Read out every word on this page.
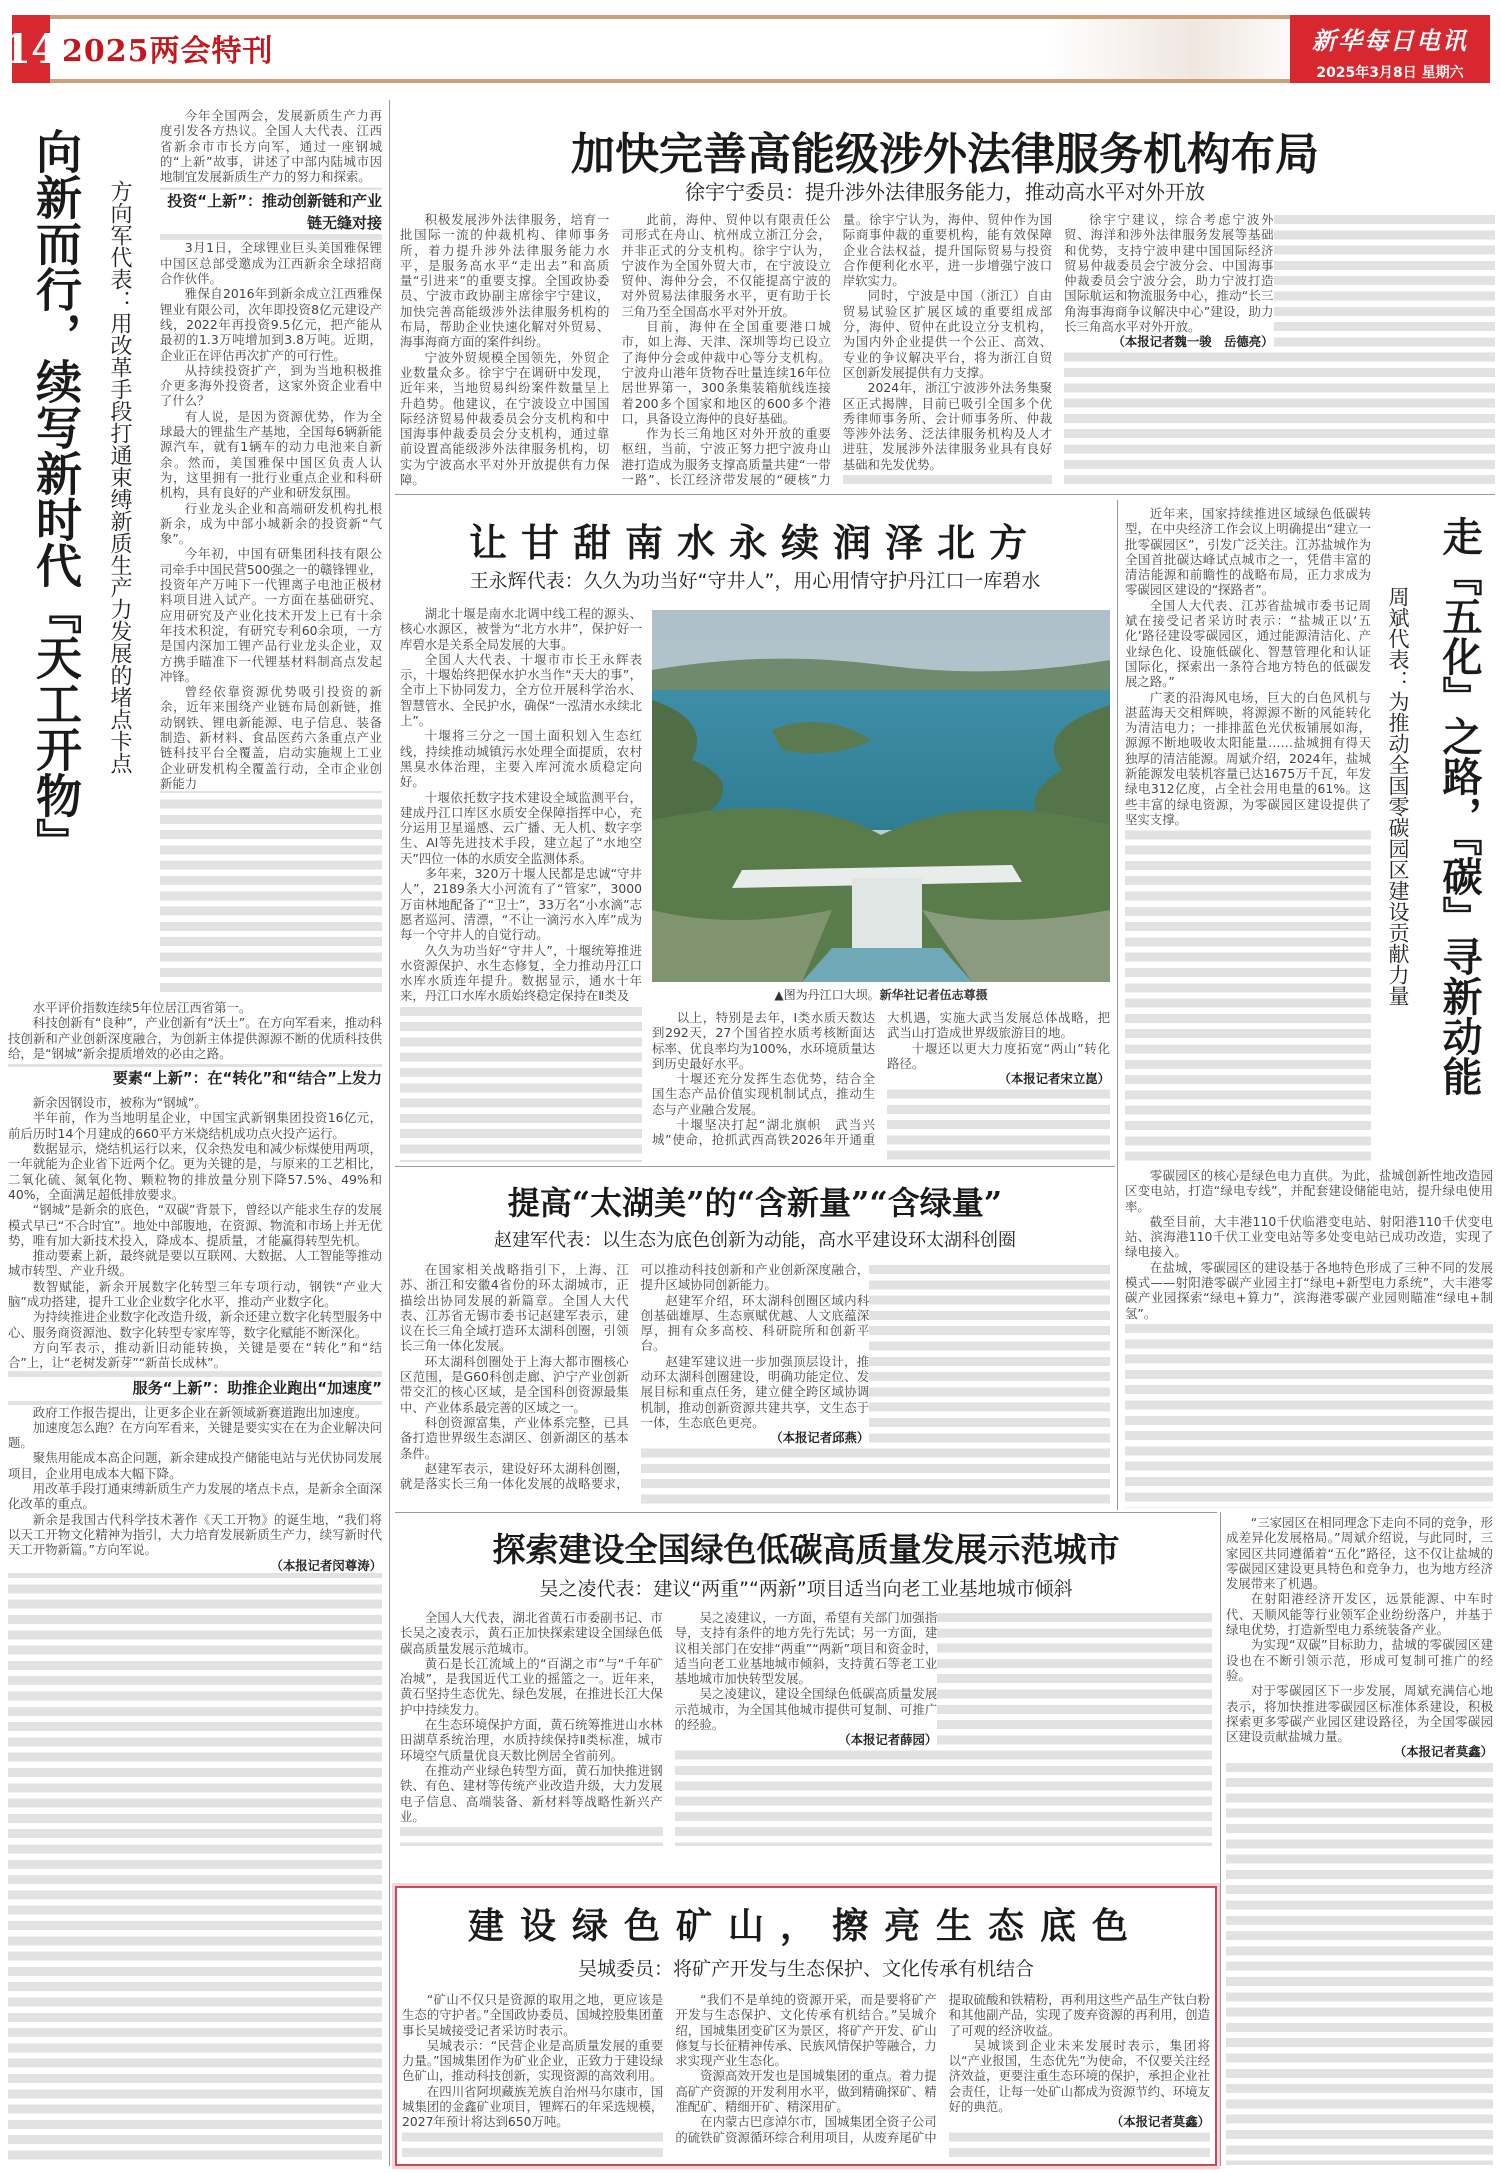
14 2025两会特刊	新华每日电讯
2025年3月8日 星期六
向新而行，续写新时代『天工开物』 方向军代表：用改革手段打通束缚新质生产力发展的堵点卡点

今年全国两会，发展新质生产力再度引发各方热议。全国人大代表、江西省新余市市长方向军，通过一座钢城的“上新”故事，讲述了中部内陆城市因地制宜发展新质生产力的努力和探索。

投资“上新”：推动创新链和产业链无缝对接

3月1日，全球锂业巨头美国雅保锂中国区总部受邀成为江西新余全球招商合作伙伴。

雅保自2016年到新余成立江西雅保锂业有限公司，次年即投资8亿元建设产线，2022年再投资9.5亿元，把产能从最初的1.3万吨增加到3.8万吨。近期，企业正在评估再次扩产的可行性。

从持续投资扩产，到为当地积极推介更多海外投资者，这家外资企业看中了什么？

有人说，是因为资源优势，作为全球最大的锂盐生产基地，全国每6辆新能源汽车，就有1辆车的动力电池来自新余。然而，美国雅保中国区负责人认为，这里拥有一批行业重点企业和科研机构，具有良好的产业和研发氛围。

行业龙头企业和高端研发机构扎根新余，成为中部小城新余的投资新“气象”。

今年初，中国有研集团科技有限公司牵手中国民营500强之一的赣锋锂业，投资年产万吨下一代锂离子电池正极材料项目进入试产。一方面在基础研究、应用研究及产业化技术开发上已有十余年技术积淀，有研究专利60余项，一方是国内深加工锂产品行业龙头企业，双方携手瞄准下一代锂基材料制高点发起冲锋。

曾经依靠资源优势吸引投资的新余，近年来围绕产业链布局创新链，推动钢铁、锂电新能源、电子信息、装备制造、新材料、食品医药六条重点产业链科技平台全覆盖，启动实施规上工业企业研发机构全覆盖行动，全市企业创新能力

水平评价指数连续5年位居江西省第一。

科技创新有“良种”，产业创新有“沃土”。在方向军看来，推动科技创新和产业创新深度融合，为创新主体提供源源不断的优质科技供给，是“钢城”新余提质增效的必由之路。

要素“上新”：在“转化”和“结合”上发力

新余因钢设市，被称为“钢城”。

半年前，作为当地明星企业，中国宝武新钢集团投资16亿元，前后历时14个月建成的660平方米烧结机成功点火投产运行。

数据显示，烧结机运行以来，仅余热发电和减少标煤使用两项，一年就能为企业省下近两个亿。更为关键的是，与原来的工艺相比，二氧化硫、氮氧化物、颗粒物的排放量分别下降57.5%、49%和40%，全面满足超低排放要求。

“钢城”是新余的底色，“双碳”背景下，曾经以产能求生存的发展模式早已“不合时宜”。地处中部腹地，在资源、物流和市场上并无优势，唯有加大新技术投入，降成本、提质量，才能赢得转型先机。

推动要素上新，最终就是要以互联网、大数据、人工智能等推动城市转型、产业升级。

数智赋能，新余开展数字化转型三年专项行动，钢铁“产业大脑”成功搭建，提升工业企业数字化水平，推动产业数字化。

为持续推进企业数字化改造升级，新余还建立数字化转型服务中心、服务商资源池、数字化转型专家库等，数字化赋能不断深化。

方向军表示，推动新旧动能转换，关键是要在“转化”和“结合”上，让“老树发新芽”“新苗长成林”。

服务“上新”：助推企业跑出“加速度”

政府工作报告提出，让更多企业在新领域新赛道跑出加速度。

加速度怎么跑？在方向军看来，关键是要实实在在为企业解决问题。

聚焦用能成本高企问题，新余建成投产储能电站与光伏协同发展项目，企业用电成本大幅下降。

用改革手段打通束缚新质生产力发展的堵点卡点，是新余全面深化改革的重点。

新余是我国古代科学技术著作《天工开物》的诞生地，“我们将以天工开物文化精神为指引，大力培育发展新质生产力，续写新时代天工开物新篇。”方向军说。

（本报记者闵尊涛）

加快完善高能级涉外法律服务机构布局
徐宇宁委员：提升涉外法律服务能力，推动高水平对外开放

积极发展涉外法律服务，培育一批国际一流的仲裁机构、律师事务所，着力提升涉外法律服务能力水平，是服务高水平“走出去”和高质量“引进来”的重要支撑。全国政协委员、宁波市政协副主席徐宇宁建议，加快完善高能级涉外法律服务机构的布局，帮助企业快速化解对外贸易、海事海商方面的案件纠纷。

宁波外贸规模全国领先，外贸企业数量众多。徐宇宁在调研中发现，近年来，当地贸易纠纷案件数量呈上升趋势。他建议，在宁波设立中国国际经济贸易仲裁委员会分支机构和中国海事仲裁委员会分支机构，通过靠前设置高能级涉外法律服务机构，切实为宁波高水平对外开放提供有力保障。

此前，海仲、贸仲以有限责任公司形式在舟山、杭州成立浙江分会，并非正式的分支机构。徐宇宁认为，宁波作为全国外贸大市，在宁波设立贸仲、海仲分会，不仅能提高宁波的对外贸易法律服务水平，更有助于长三角乃至全国高水平对外开放。

目前，海仲在全国重要港口城市，如上海、天津、深圳等均已设立了海仲分会或仲裁中心等分支机构。宁波舟山港年货物吞吐量连续16年位居世界第一，300条集装箱航线连接着200多个国家和地区的600多个港口，具备设立海仲的良好基础。

作为长三角地区对外开放的重要枢纽，当前，宁波正努力把宁波舟山港打造成为服务支撑高质量共建“一带一路”、长江经济带发展的“硬核”力量。徐宇宁认为，海仲、贸仲作为国际商事仲裁的重要机构，能有效保障企业合法权益，提升国际贸易与投资合作便利化水平，进一步增强宁波口岸软实力。

同时，宁波是中国（浙江）自由贸易试验区扩展区域的重要组成部分，海仲、贸仲在此设立分支机构，为国内外企业提供一个公正、高效、专业的争议解决平台，将为浙江自贸区创新发展提供有力支撑。

2024年，浙江宁波涉外法务集聚区正式揭牌，目前已吸引全国多个优秀律师事务所、会计师事务所、仲裁等涉外法务、泛法律服务机构及人才进驻，发展涉外法律服务业具有良好基础和先发优势。

徐宇宁建议，综合考虑宁波外贸、海洋和涉外法律服务发展等基础和优势，支持宁波申建中国国际经济贸易仲裁委员会宁波分会、中国海事仲裁委员会宁波分会，助力宁波打造国际航运和物流服务中心，推动“长三角海事海商争议解决中心”建设，助力长三角高水平对外开放。

（本报记者魏一骏　岳德亮）

让甘甜南水永续润泽北方
王永辉代表：久久为功当好“守井人”，用心用情守护丹江口一库碧水

湖北十堰是南水北调中线工程的源头、核心水源区，被誉为“北方水井”，保护好一库碧水是关系全局发展的大事。

全国人大代表、十堰市市长王永辉表示，十堰始终把保水护水当作“天大的事”，全市上下协同发力，全方位开展科学治水、智慧管水、全民护水，确保“一泓清水永续北上”。

十堰将三分之一国土面积划入生态红线，持续推动城镇污水处理全面提质，农村黑臭水体治理，主要入库河流水质稳定向好。

十堰依托数字技术建设全域监测平台，建成丹江口库区水质安全保障指挥中心，充分运用卫星遥感、云广播、无人机、数字孪生、AI等先进技术手段，建立起了“水地空天”四位一体的水质安全监测体系。

多年来，320万十堰人民都是忠诚“守井人”，2189条大小河流有了“管家”，3000万亩林地配备了“卫士”，33万名“小水滴”志愿者巡河、清漂，“不让一滴污水入库”成为每一个守井人的自觉行动。

久久为功当好“守井人”，十堰统筹推进水资源保护、水生态修复，全力推动丹江口水库水质连年提升。数据显示，通水十年来，丹江口水库水质始终稳定保持在Ⅱ类及	▲图为丹江口大坝。新华社记者伍志尊摄

以上，特别是去年，Ⅰ类水质天数达到292天，27个国省控水质考核断面达标率、优良率均为100%，水环境质量达到历史最好水平。

十堰还充分发挥生态优势，结合全国生态产品价值实现机制试点，推动生态与产业融合发展。

十堰坚决打起“湖北旗帜　武当兴城”使命，抢抓武西高铁2026年开通重大机遇，实施大武当发展总体战略，把武当山打造成世界级旅游目的地。

十堰还以更大力度拓宽“两山”转化路径。

（本报记者宋立崑）	走『五化』之路，『碳』寻新动能
周斌代表：为推动全国零碳园区建设贡献力量

近年来，国家持续推进区域绿色低碳转型，在中央经济工作会议上明确提出“建立一批零碳园区”，引发广泛关注。江苏盐城作为全国首批碳达峰试点城市之一，凭借丰富的清洁能源和前瞻性的战略布局，正力求成为零碳园区建设的“探路者”。

全国人大代表、江苏省盐城市委书记周斌在接受记者采访时表示：“盐城正以‘五化’路径建设零碳园区，通过能源清洁化、产业绿色化、设施低碳化、智慧管理化和认证国际化，探索出一条符合地方特色的低碳发展之路。”

广袤的沿海风电场，巨大的白色风机与湛蓝海天交相辉映，将源源不断的风能转化为清洁电力；一排排蓝色光伏板铺展如海，源源不断地吸收太阳能量……盐城拥有得天独厚的清洁能源。周斌介绍，2024年，盐城新能源发电装机容量已达1675万千瓦，年发绿电312亿度，占全社会用电量的61%。这些丰富的绿电资源，为零碳园区建设提供了坚实支撑。

零碳园区的核心是绿色电力直供。为此，盐城创新性地改造园区变电站，打造“绿电专线”，并配套建设储能电站，提升绿电使用率。

截至目前，大丰港110千伏临港变电站、射阳港110千伏变电站、滨海港110千伏工业变电站等多处变电站已成功改造，实现了绿电接入。

在盐城，零碳园区的建设基于各地特色形成了三种不同的发展模式——射阳港零碳产业园主打“绿电+新型电力系统”，大丰港零碳产业园探索“绿电+算力”，滨海港零碳产业园则瞄准“绿电+制氢”。

“三家园区在相同理念下走向不同的竞争，形成差异化发展格局。”周斌介绍说，与此同时，三家园区共同遵循着“五化”路径，这不仅让盐城的零碳园区建设更具特色和竞争力，也为地方经济发展带来了机遇。

在射阳港经济开发区，远景能源、中车时代、天顺风能等行业领军企业纷纷落户，并基于绿电优势，打造新型电力系统装备产业。

为实现“双碳”目标助力，盐城的零碳园区建设也在不断引领示范，形成可复制可推广的经验。

对于零碳园区下一步发展，周斌充满信心地表示，将加快推进零碳园区标准体系建设，积极探索更多零碳产业园区建设路径，为全国零碳园区建设贡献盐城力量。

（本报记者莫鑫）

提高“太湖美”的“含新量”“含绿量”
赵建军代表：以生态为底色创新为动能，高水平建设环太湖科创圈

在国家相关战略指引下，上海、江苏、浙江和安徽4省份的环太湖城市，正描绘出协同发展的新篇章。全国人大代表、江苏省无锡市委书记赵建军表示，建议在长三角全域打造环太湖科创圈，引领长三角一体化发展。

环太湖科创圈处于上海大都市圈核心区范围，是G60科创走廊、沪宁产业创新带交汇的核心区域，是全国科创资源最集中、产业体系最完善的区域之一。

科创资源富集，产业体系完整，已具备打造世界级生态湖区、创新湖区的基本条件。

赵建军表示，建设好环太湖科创圈，就是落实长三角一体化发展的战略要求，可以推动科技创新和产业创新深度融合，提升区域协同创新能力。

赵建军介绍，环太湖科创圈区域内科创基础雄厚、生态禀赋优越、人文底蕴深厚，拥有众多高校、科研院所和创新平台。

赵建军建议进一步加强顶层设计，推动环太湖科创圈建设，明确功能定位、发展目标和重点任务，建立健全跨区域协调机制，推动创新资源共建共享，文生态于一体，生态底色更亮。

（本报记者邱燕）

探索建设全国绿色低碳高质量发展示范城市
吴之凌代表：建议“两重”“两新”项目适当向老工业基地城市倾斜

全国人大代表，湖北省黄石市委副书记、市长吴之凌表示，黄石正加快探索建设全国绿色低碳高质量发展示范城市。

黄石是长江流域上的“百湖之市”与“千年矿冶城”，是我国近代工业的摇篮之一。近年来，黄石坚持生态优先、绿色发展，在推进长江大保护中持续发力。

在生态环境保护方面，黄石统筹推进山水林田湖草系统治理，水质持续保持Ⅱ类标准，城市环境空气质量优良天数比例居全省前列。

在推动产业绿色转型方面，黄石加快推进钢铁、有色、建材等传统产业改造升级，大力发展电子信息、高端装备、新材料等战略性新兴产业。

吴之凌建议，一方面，希望有关部门加强指导，支持有条件的地方先行先试；另一方面，建议相关部门在安排“两重”“两新”项目和资金时，适当向老工业基地城市倾斜，支持黄石等老工业基地城市加快转型发展。

吴之凌建议，建设全国绿色低碳高质量发展示范城市，为全国其他城市提供可复制、可推广的经验。

（本报记者薛园）

建设绿色矿山，擦亮生态底色
吴城委员：将矿产开发与生态保护、文化传承有机结合

“矿山不仅只是资源的取用之地，更应该是生态的守护者。”全国政协委员、国城控股集团董事长吴城接受记者采访时表示。

吴城表示：“民营企业是高质量发展的重要力量。”国城集团作为矿业企业，正致力于建设绿色矿山，推动科技创新，实现资源的高效利用。

在四川省阿坝藏族羌族自治州马尔康市，国城集团的金鑫矿业项目，锂辉石的年采选规模，2027年预计将达到650万吨。

“我们不是单纯的资源开采，而是要将矿产开发与生态保护、文化传承有机结合。”吴城介绍，国城集团变矿区为景区，将矿产开发、矿山修复与长征精神传承、民族风情保护等融合，力求实现产业生态化。

资源高效开发也是国城集团的重点。着力提高矿产资源的开发利用水平，做到精确探矿、精准配矿、精细开矿、精深用矿。

在内蒙古巴彦淖尔市，国城集团全资子公司的硫铁矿资源循环综合利用项目，从废弃尾矿中提取硫酸和铁精粉，再利用这些产品生产钛白粉和其他副产品，实现了废弃资源的再利用，创造了可观的经济收益。

吴城谈到企业未来发展时表示，集团将以“产业报国，生态优先”为使命，不仅要关注经济效益，更要注重生态环境的保护，承担企业社会责任，让每一处矿山都成为资源节约、环境友好的典范。

（本报记者莫鑫）
